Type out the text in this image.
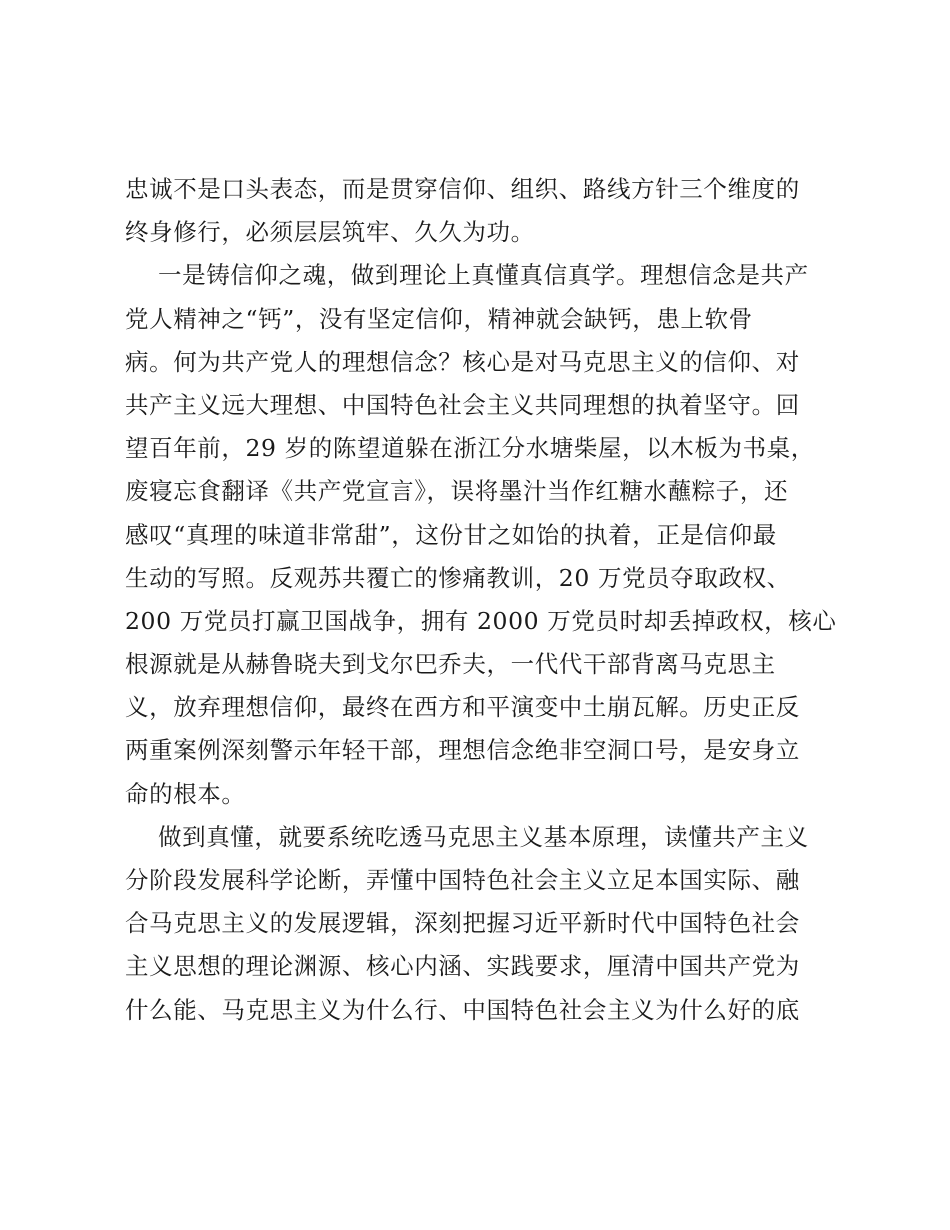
忠诚不是口头表态，而是贯穿信仰、组织、路线方针三个维度的
终身修行，必须层层筑牢、久久为功。
一是铸信仰之魂，做到理论上真懂真信真学。理想信念是共产
党人精神之“钙”，没有坚定信仰，精神就会缺钙，患上软骨
病。何为共产党人的理想信念？核心是对马克思主义的信仰、对
共产主义远大理想、中国特色社会主义共同理想的执着坚守。回
望百年前，29 岁的陈望道躲在浙江分水塘柴屋，以木板为书桌，
废寝忘食翻译《共产党宣言》，误将墨汁当作红糖水蘸粽子，还
感叹“真理的味道非常甜”，这份甘之如饴的执着，正是信仰最
生动的写照。反观苏共覆亡的惨痛教训，20 万党员夺取政权、
200 万党员打赢卫国战争，拥有 2000 万党员时却丢掉政权，核心
根源就是从赫鲁晓夫到戈尔巴乔夫，一代代干部背离马克思主
义，放弃理想信仰，最终在西方和平演变中土崩瓦解。历史正反
两重案例深刻警示年轻干部，理想信念绝非空洞口号，是安身立
命的根本。
做到真懂，就要系统吃透马克思主义基本原理，读懂共产主义
分阶段发展科学论断，弄懂中国特色社会主义立足本国实际、融
合马克思主义的发展逻辑，深刻把握习近平新时代中国特色社会
主义思想的理论渊源、核心内涵、实践要求，厘清中国共产党为
什么能、马克思主义为什么行、中国特色社会主义为什么好的底
